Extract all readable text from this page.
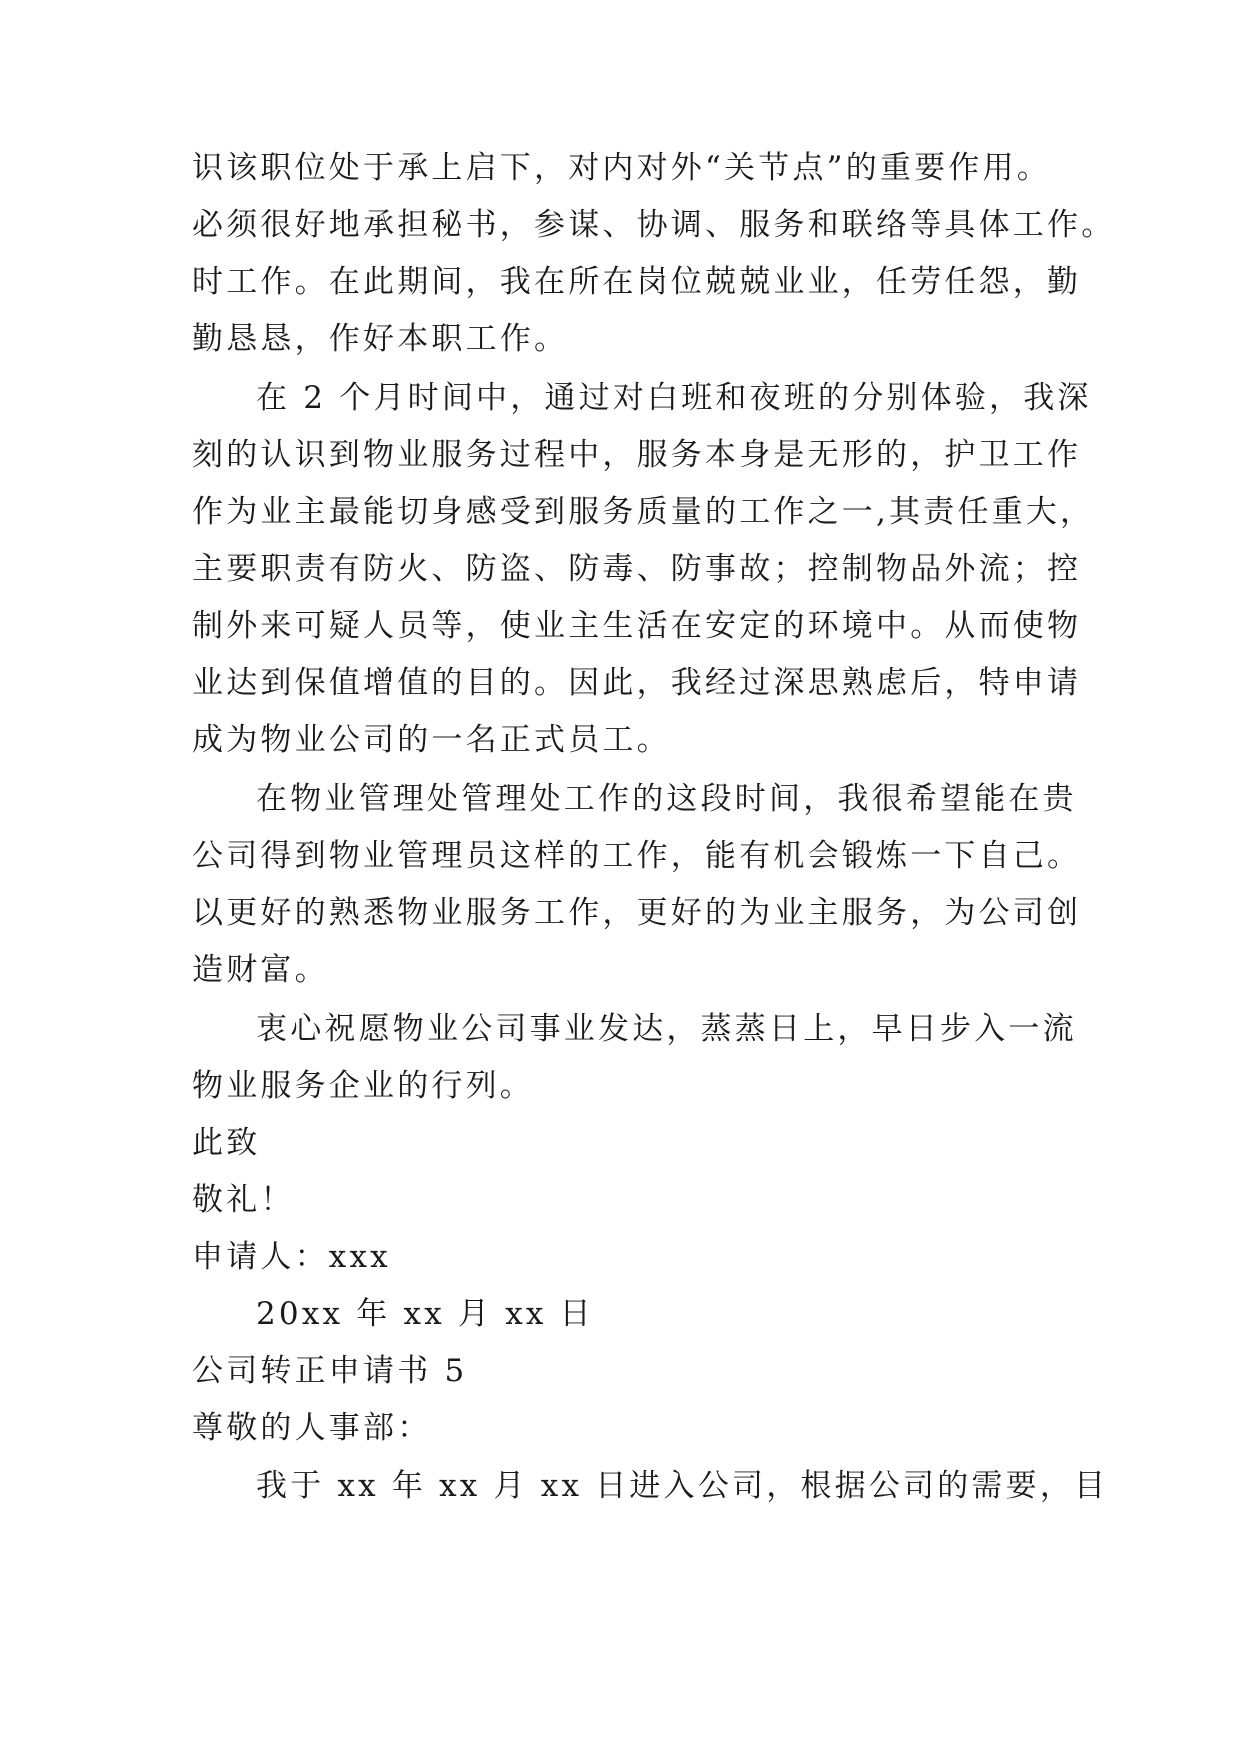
识该职位处于承上启下，对内对外“关节点”的重要作用。
必须很好地承担秘书，参谋、协调、服务和联络等具体工作。
时工作。在此期间，我在所在岗位兢兢业业，任劳任怨，勤
勤恳恳，作好本职工作。
在 2 个月时间中，通过对白班和夜班的分别体验，我深
刻的认识到物业服务过程中，服务本身是无形的，护卫工作
作为业主最能切身感受到服务质量的工作之一,其责任重大，
主要职责有防火、防盗、防毒、防事故；控制物品外流；控
制外来可疑人员等，使业主生活在安定的环境中。从而使物
业达到保值增值的目的。因此，我经过深思熟虑后，特申请
成为物业公司的一名正式员工。
在物业管理处管理处工作的这段时间，我很希望能在贵
公司得到物业管理员这样的工作，能有机会锻炼一下自己。
以更好的熟悉物业服务工作，更好的为业主服务，为公司创
造财富。
衷心祝愿物业公司事业发达，蒸蒸日上，早日步入一流
物业服务企业的行列。
此致
敬礼！
申请人：xxx
20xx 年 xx 月 xx 日
公司转正申请书 5
尊敬的人事部：
我于 xx 年 xx 月 xx 日进入公司，根据公司的需要，目
